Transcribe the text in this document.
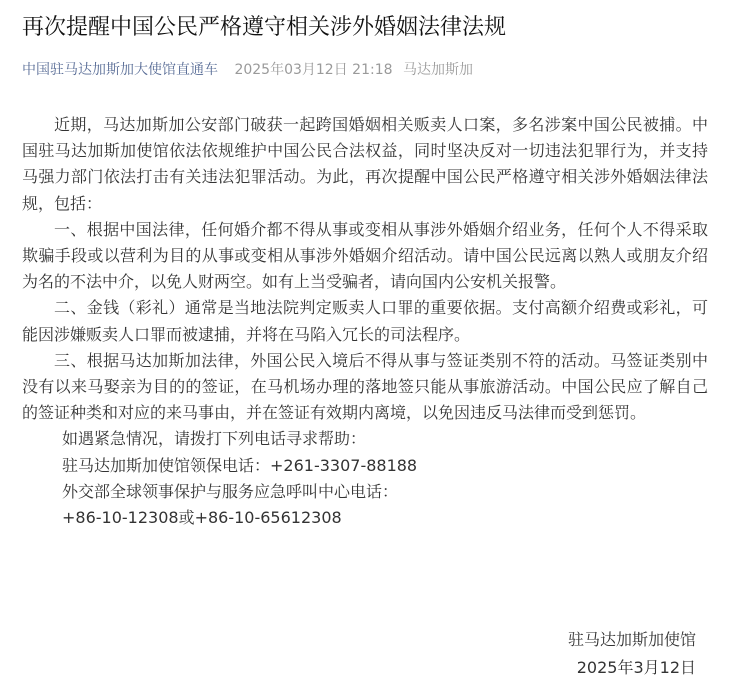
再次提醒中国公民严格遵守相关涉外婚姻法律法规
中国驻马达加斯加大使馆直通车 2025年03月12日 21:18 马达加斯加

近期，马达加斯加公安部门破获一起跨国婚姻相关贩卖人口案，多名涉案中国公民被捕。中国驻马达加斯加使馆依法依规维护中国公民合法权益，同时坚决反对一切违法犯罪行为，并支持马强力部门依法打击有关违法犯罪活动。为此，再次提醒中国公民严格遵守相关涉外婚姻法律法规，包括：

一、根据中国法律，任何婚介都不得从事或变相从事涉外婚姻介绍业务，任何个人不得采取欺骗手段或以营利为目的从事或变相从事涉外婚姻介绍活动。请中国公民远离以熟人或朋友介绍为名的不法中介，以免人财两空。如有上当受骗者，请向国内公安机关报警。

二、金钱（彩礼）通常是当地法院判定贩卖人口罪的重要依据。支付高额介绍费或彩礼，可能因涉嫌贩卖人口罪而被逮捕，并将在马陷入冗长的司法程序。

三、根据马达加斯加法律，外国公民入境后不得从事与签证类别不符的活动。马签证类别中没有以来马娶亲为目的的签证，在马机场办理的落地签只能从事旅游活动。中国公民应了解自己的签证种类和对应的来马事由，并在签证有效期内离境，以免因违反马法律而受到惩罚。

如遇紧急情况，请拨打下列电话寻求帮助：
驻马达加斯加使馆领保电话：+261-3307-88188
外交部全球领事保护与服务应急呼叫中心电话：
+86-10-12308或+86-10-65612308
驻马达加斯加使馆
2025年3月12日
